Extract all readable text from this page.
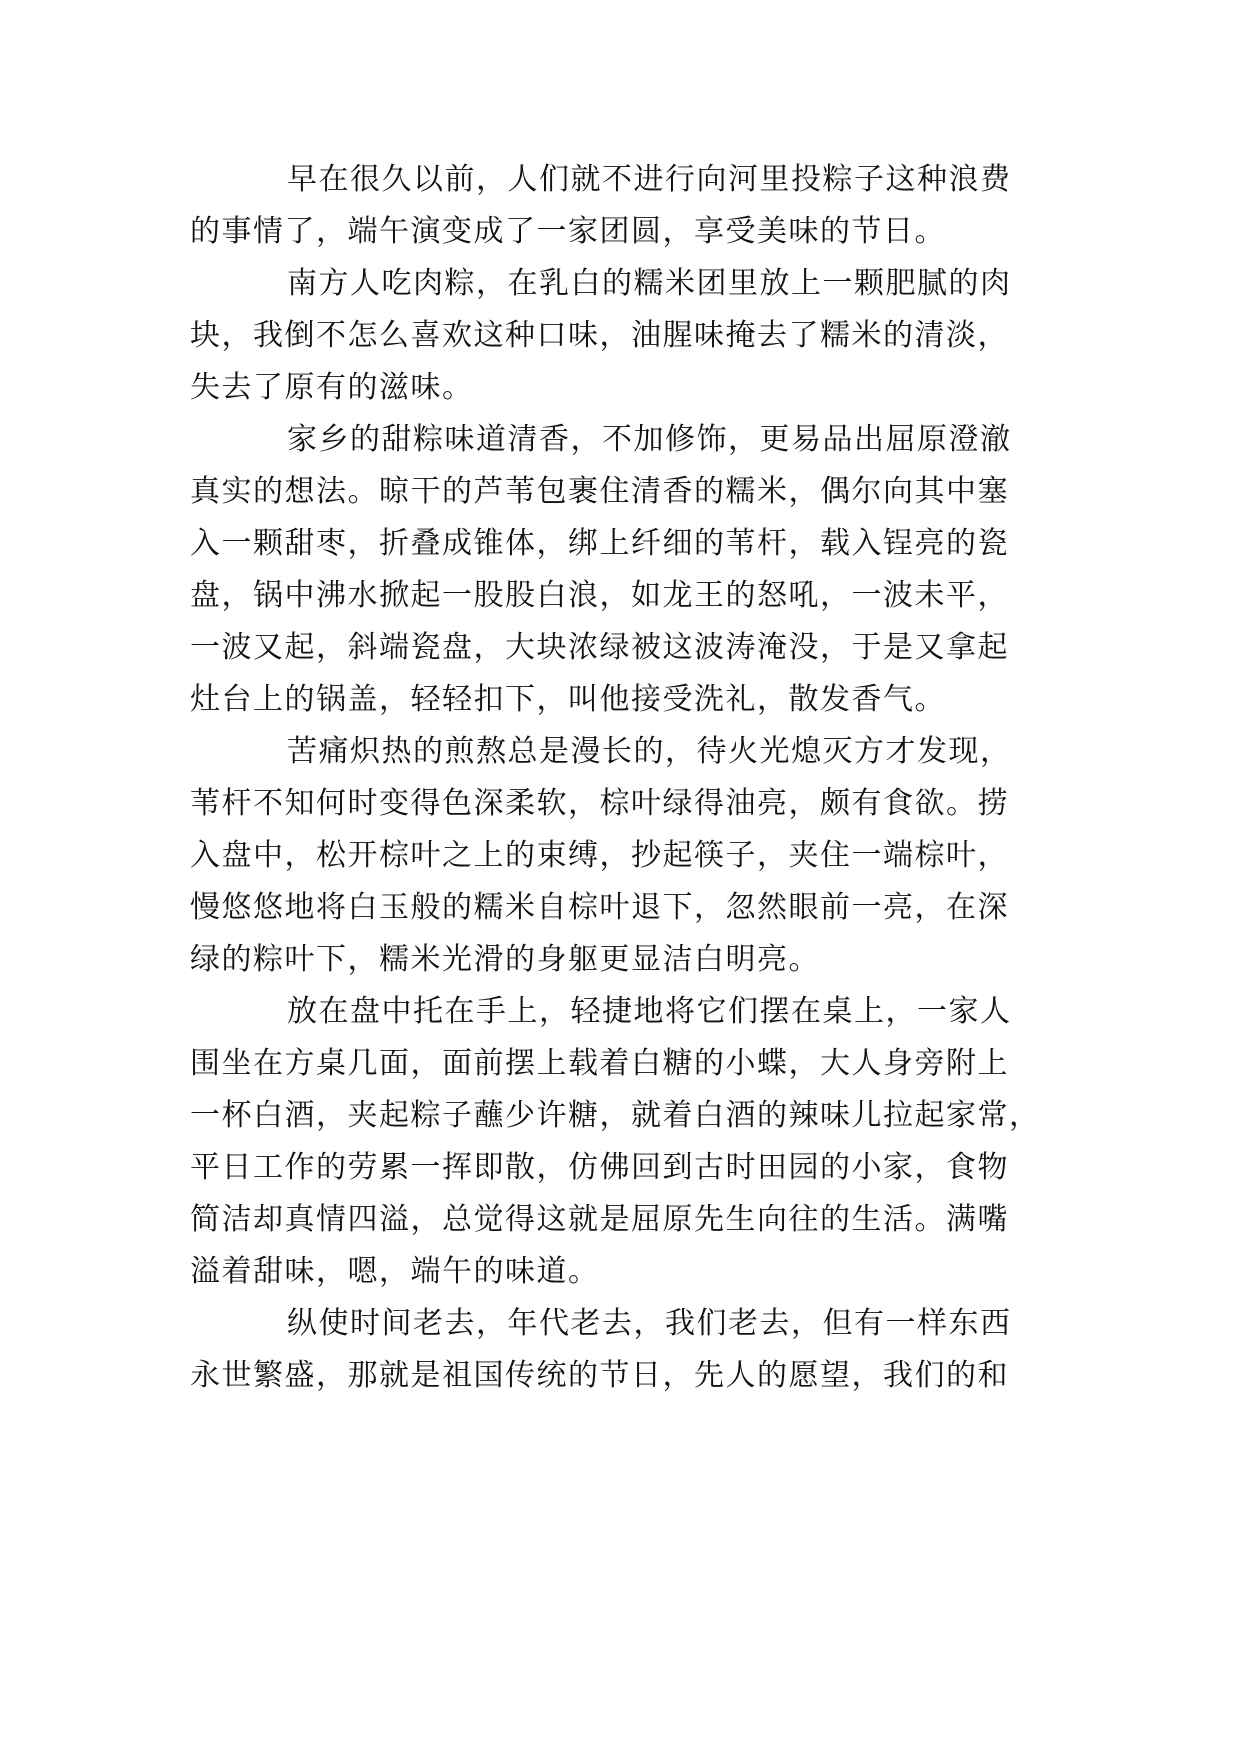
早在很久以前，人们就不进行向河里投粽子这种浪费
的事情了，端午演变成了一家团圆，享受美味的节日。
南方人吃肉粽，在乳白的糯米团里放上一颗肥腻的肉
块，我倒不怎么喜欢这种口味，油腥味掩去了糯米的清淡，
失去了原有的滋味。
家乡的甜粽味道清香，不加修饰，更易品出屈原澄澈
真实的想法。晾干的芦苇包裹住清香的糯米，偶尔向其中塞
入一颗甜枣，折叠成锥体，绑上纤细的苇杆，载入锃亮的瓷
盘，锅中沸水掀起一股股白浪，如龙王的怒吼，一波未平，
一波又起，斜端瓷盘，大块浓绿被这波涛淹没，于是又拿起
灶台上的锅盖，轻轻扣下，叫他接受洗礼，散发香气。
苦痛炽热的煎熬总是漫长的，待火光熄灭方才发现，
苇杆不知何时变得色深柔软，棕叶绿得油亮，颇有食欲。捞
入盘中，松开棕叶之上的束缚，抄起筷子，夹住一端棕叶，
慢悠悠地将白玉般的糯米自棕叶退下，忽然眼前一亮，在深
绿的粽叶下，糯米光滑的身躯更显洁白明亮。
放在盘中托在手上，轻捷地将它们摆在桌上，一家人
围坐在方桌几面，面前摆上载着白糖的小蝶，大人身旁附上
一杯白酒，夹起粽子蘸少许糖，就着白酒的辣味儿拉起家常，
平日工作的劳累一挥即散，仿佛回到古时田园的小家，食物
简洁却真情四溢，总觉得这就是屈原先生向往的生活。满嘴
溢着甜味，嗯，端午的味道。
纵使时间老去，年代老去，我们老去，但有一样东西
永世繁盛，那就是祖国传统的节日，先人的愿望，我们的和
